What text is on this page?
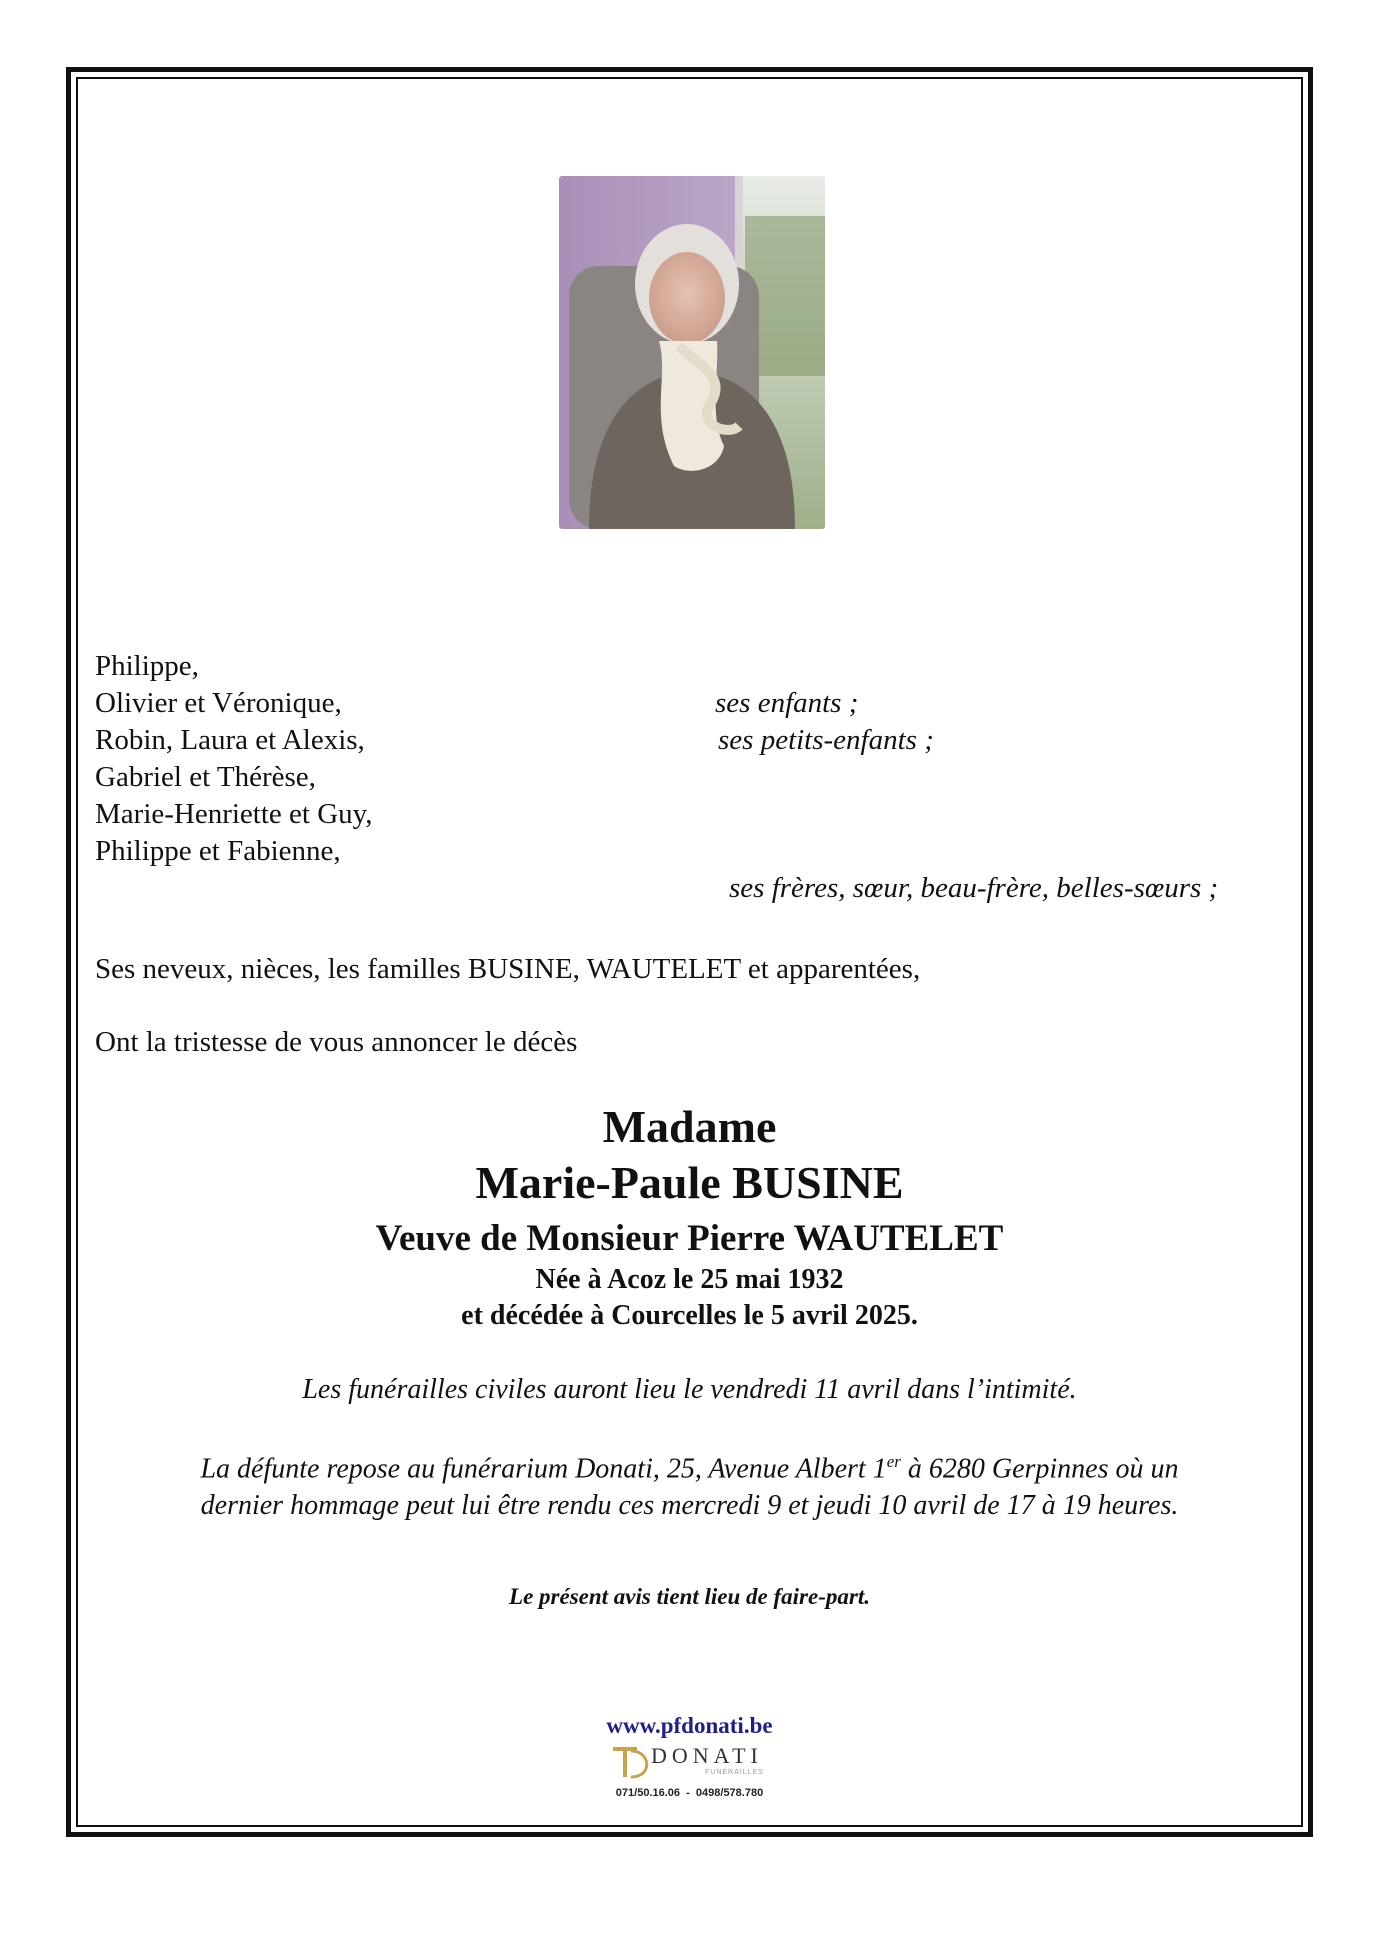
Philippe,
Olivier et Véronique,	ses enfants ;
Robin, Laura et Alexis,	ses petits-enfants ;
Gabriel et Thérèse,
Marie-Henriette et Guy,
Philippe et Fabienne,
ses frères, sœur, beau-frère, belles-sœurs ;
Ses neveux, nièces, les familles BUSINE, WAUTELET et apparentées,
Ont la tristesse de vous annoncer le décès
Madame
Marie-Paule BUSINE
Veuve de Monsieur Pierre WAUTELET
Née à Acoz le 25 mai 1932
et décédée à Courcelles le 5 avril 2025.
Les funérailles civiles auront lieu le vendredi 11 avril dans l’intimité.
La défunte repose au funérarium Donati, 25, Avenue Albert 1er à 6280 Gerpinnes où un
dernier hommage peut lui être rendu ces mercredi 9 et jeudi 10 avril de 17 à 19 heures.
Le présent avis tient lieu de faire-part.
www.pfdonati.be
DONATI
FUNÉRAILLES
071/50.16.06  -  0498/578.780
